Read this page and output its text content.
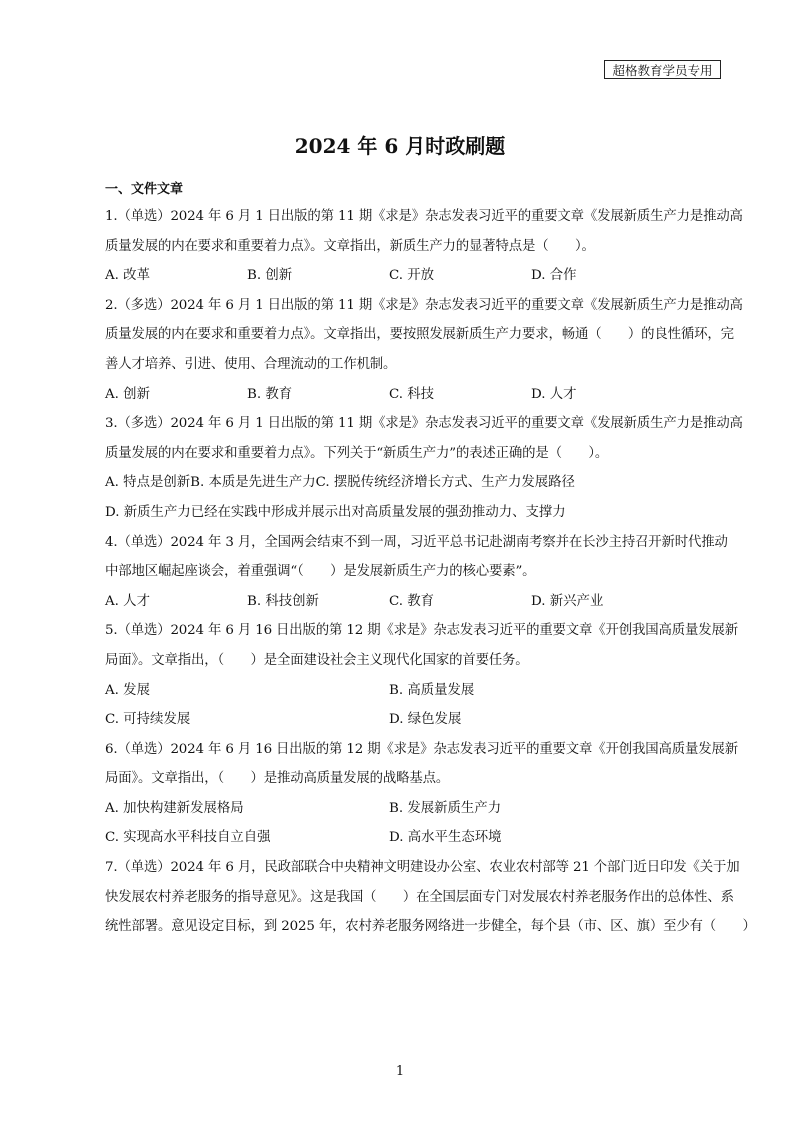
超格教育学员专用
2024 年 6 月时政刷题
一、文件文章
1.（单选）2024 年 6 月 1 日出版的第 11 期《求是》杂志发表习近平的重要文章《发展新质生产力是推动高
质量发展的内在要求和重要着力点》。文章指出，新质生产力的显著特点是（　　）。
A. 改革	B. 创新	C. 开放	D. 合作
2.（多选）2024 年 6 月 1 日出版的第 11 期《求是》杂志发表习近平的重要文章《发展新质生产力是推动高
质量发展的内在要求和重要着力点》。文章指出，要按照发展新质生产力要求，畅通（　　）的良性循环，完
善人才培养、引进、使用、合理流动的工作机制。
A. 创新	B. 教育	C. 科技	D. 人才
3.（多选）2024 年 6 月 1 日出版的第 11 期《求是》杂志发表习近平的重要文章《发展新质生产力是推动高
质量发展的内在要求和重要着力点》。下列关于“新质生产力”的表述正确的是（　　）。
A. 特点是创新B. 本质是先进生产力C. 摆脱传统经济增长方式、生产力发展路径D. 新质生产力已经在实践中形成并展示出对高质量发展的强劲推动力、支撑力
4.（单选）2024 年 3 月，全国两会结束不到一周，习近平总书记赴湖南考察并在长沙主持召开新时代推动
中部地区崛起座谈会，着重强调“（　　）是发展新质生产力的核心要素”。
A. 人才	B. 科技创新	C. 教育	D. 新兴产业
5.（单选）2024 年 6 月 16 日出版的第 12 期《求是》杂志发表习近平的重要文章《开创我国高质量发展新
局面》。文章指出，（　　）是全面建设社会主义现代化国家的首要任务。
A. 发展	B. 高质量发展
C. 可持续发展	D. 绿色发展
6.（单选）2024 年 6 月 16 日出版的第 12 期《求是》杂志发表习近平的重要文章《开创我国高质量发展新
局面》。文章指出，（　　）是推动高质量发展的战略基点。
A. 加快构建新发展格局	B. 发展新质生产力
C. 实现高水平科技自立自强	D. 高水平生态环境
7.（单选）2024 年 6 月，民政部联合中央精神文明建设办公室、农业农村部等 21 个部门近日印发《关于加
快发展农村养老服务的指导意见》。这是我国（　　）在全国层面专门对发展农村养老服务作出的总体性、系
统性部署。意见设定目标，到 2025 年，农村养老服务网络进一步健全，每个县（市、区、旗）至少有（　　）
1
